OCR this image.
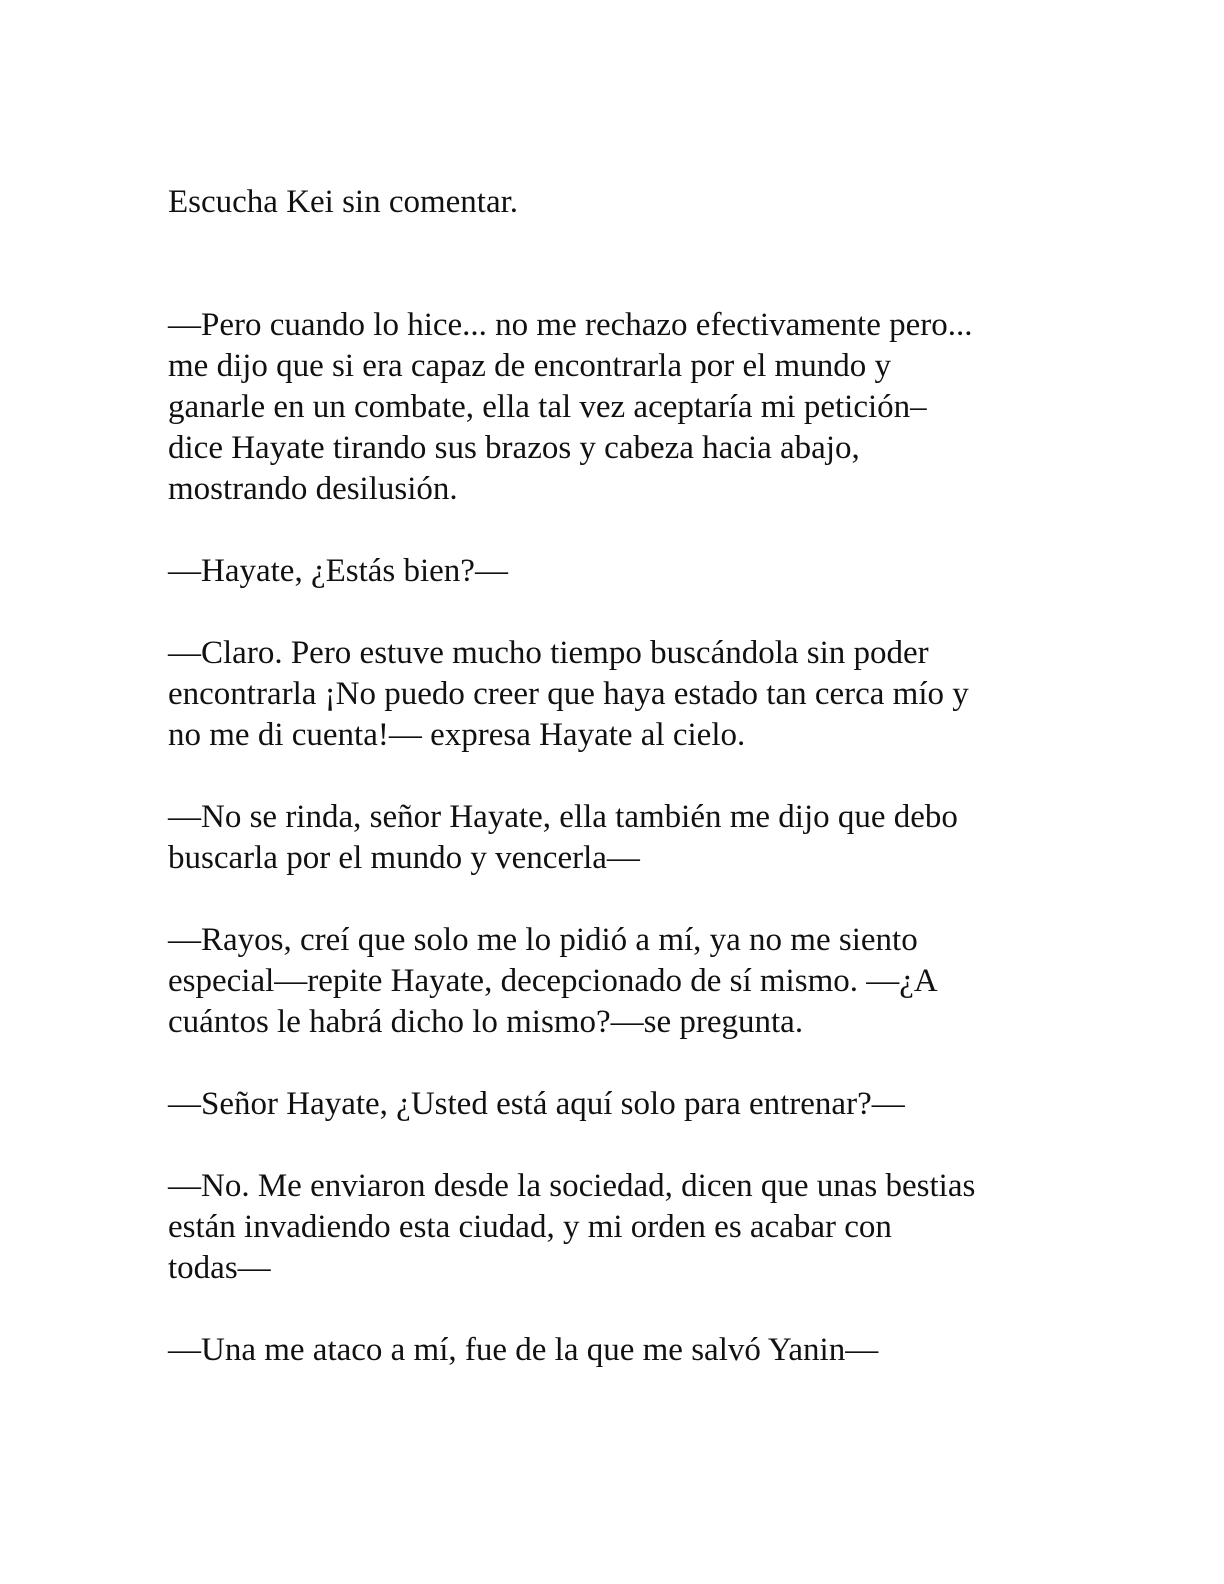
Escucha Kei sin comentar.

—Pero cuando lo hice... no me rechazo efectivamente pero...
me dijo que si era capaz de encontrarla por el mundo y
ganarle en un combate, ella tal vez aceptaría mi petición–
dice Hayate tirando sus brazos y cabeza hacia abajo,
mostrando desilusión.

—Hayate, ¿Estás bien?—

—Claro. Pero estuve mucho tiempo buscándola sin poder
encontrarla ¡No puedo creer que haya estado tan cerca mío y
no me di cuenta!— expresa Hayate al cielo.

—No se rinda, señor Hayate, ella también me dijo que debo
buscarla por el mundo y vencerla—

—Rayos, creí que solo me lo pidió a mí, ya no me siento
especial—repite Hayate, decepcionado de sí mismo. —¿A
cuántos le habrá dicho lo mismo?—se pregunta.

—Señor Hayate, ¿Usted está aquí solo para entrenar?—

—No. Me enviaron desde la sociedad, dicen que unas bestias
están invadiendo esta ciudad, y mi orden es acabar con
todas—

—Una me ataco a mí, fue de la que me salvó Yanin—
